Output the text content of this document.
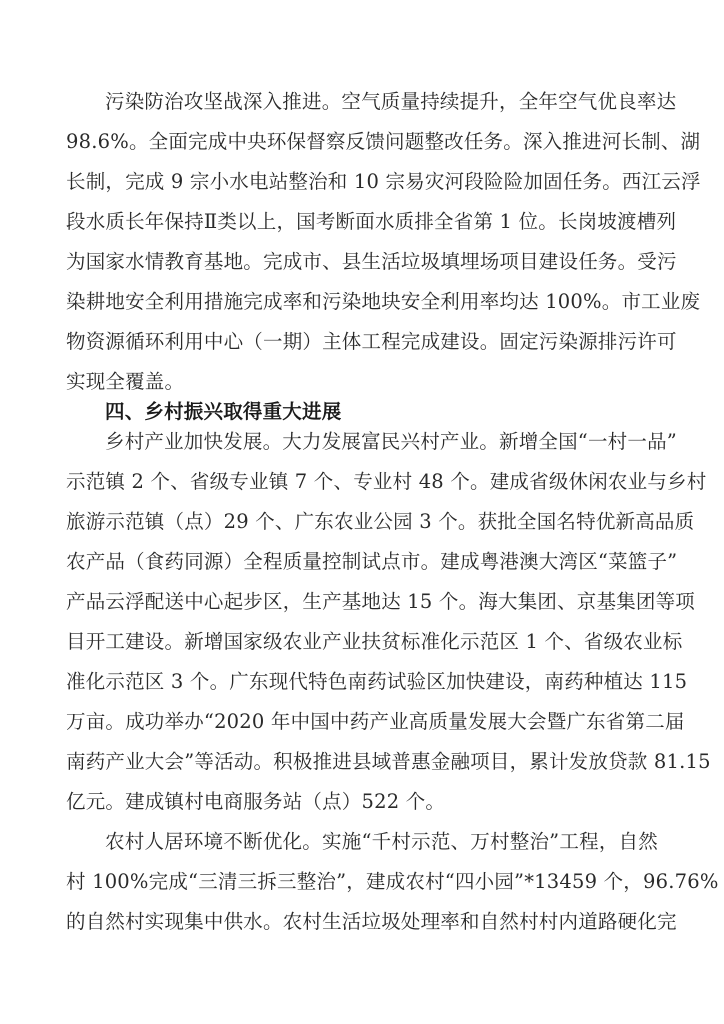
污染防治攻坚战深入推进。空气质量持续提升，全年空气优良率达
98.6%。全面完成中央环保督察反馈问题整改任务。深入推进河长制、湖
长制，完成 9 宗小水电站整治和 10 宗易灾河段险险加固任务。西江云浮
段水质长年保持Ⅱ类以上，国考断面水质排全省第 1 位。长岗坡渡槽列
为国家水情教育基地。完成市、县生活垃圾填埋场项目建设任务。受污
染耕地安全利用措施完成率和污染地块安全利用率均达 100%。市工业废
物资源循环利用中心（一期）主体工程完成建设。固定污染源排污许可
实现全覆盖。
四、乡村振兴取得重大进展
乡村产业加快发展。大力发展富民兴村产业。新增全国“一村一品”
示范镇 2 个、省级专业镇 7 个、专业村 48 个。建成省级休闲农业与乡村
旅游示范镇（点）29 个、广东农业公园 3 个。获批全国名特优新高品质
农产品（食药同源）全程质量控制试点市。建成粤港澳大湾区“菜篮子”
产品云浮配送中心起步区，生产基地达 15 个。海大集团、京基集团等项
目开工建设。新增国家级农业产业扶贫标准化示范区 1 个、省级农业标
准化示范区 3 个。广东现代特色南药试验区加快建设，南药种植达 115
万亩。成功举办“2020 年中国中药产业高质量发展大会暨广东省第二届
南药产业大会”等活动。积极推进县域普惠金融项目，累计发放贷款 81.15
亿元。建成镇村电商服务站（点）522 个。
农村人居环境不断优化。实施“千村示范、万村整治”工程，自然
村 100%完成“三清三拆三整治”，建成农村“四小园”*13459 个，96.76%
的自然村实现集中供水。农村生活垃圾处理率和自然村村内道路硬化完
